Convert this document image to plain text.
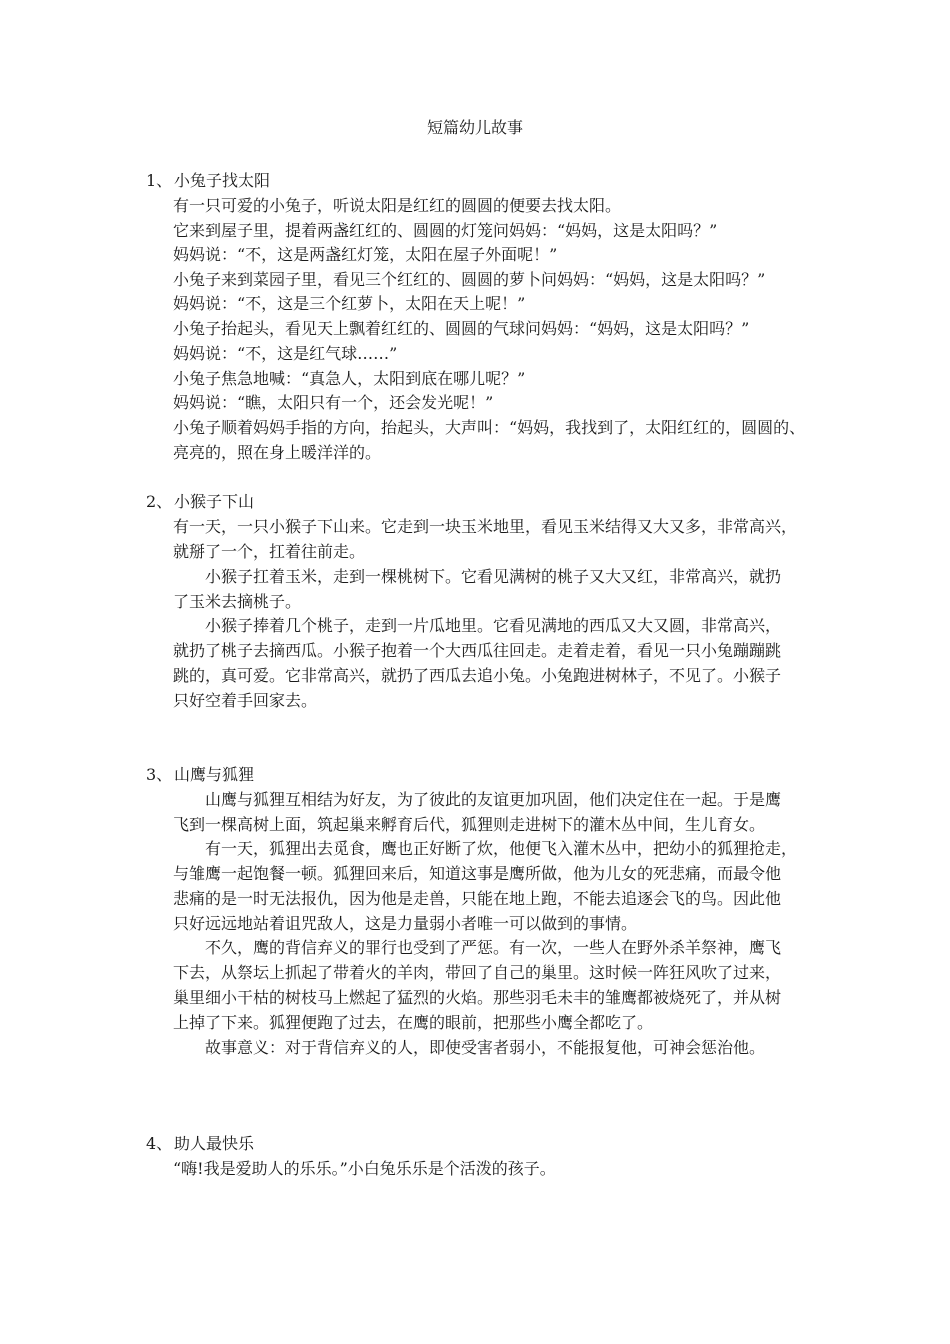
短篇幼儿故事
1、 小兔子找太阳
有一只可爱的小兔子，听说太阳是红红的圆圆的便要去找太阳。
它来到屋子里，提着两盏红红的、圆圆的灯笼问妈妈：“妈妈，这是太阳吗？”
妈妈说：“不，这是两盏红灯笼，太阳在屋子外面呢！”
小兔子来到菜园子里，看见三个红红的、圆圆的萝卜问妈妈：“妈妈，这是太阳吗？”
妈妈说：“不，这是三个红萝卜，太阳在天上呢！”
小兔子抬起头，看见天上飘着红红的、圆圆的气球问妈妈：“妈妈，这是太阳吗？”
妈妈说：“不，这是红气球……”
小兔子焦急地喊：“真急人，太阳到底在哪儿呢？”
妈妈说：“瞧，太阳只有一个，还会发光呢！”
小兔子顺着妈妈手指的方向，抬起头，大声叫：“妈妈，我找到了，太阳红红的，圆圆的、
亮亮的，照在身上暖洋洋的。
2、 小猴子下山
有一天，一只小猴子下山来。它走到一块玉米地里，看见玉米结得又大又多，非常高兴，
就掰了一个，扛着往前走。
小猴子扛着玉米，走到一棵桃树下。它看见满树的桃子又大又红，非常高兴，就扔
了玉米去摘桃子。
小猴子捧着几个桃子，走到一片瓜地里。它看见满地的西瓜又大又圆，非常高兴，
就扔了桃子去摘西瓜。小猴子抱着一个大西瓜往回走。走着走着，看见一只小兔蹦蹦跳
跳的，真可爱。它非常高兴，就扔了西瓜去追小兔。小兔跑进树林子，不见了。小猴子
只好空着手回家去。
3、 山鹰与狐狸
山鹰与狐狸互相结为好友，为了彼此的友谊更加巩固，他们决定住在一起。于是鹰
飞到一棵高树上面，筑起巢来孵育后代，狐狸则走进树下的灌木丛中间，生儿育女。
有一天，狐狸出去觅食，鹰也正好断了炊，他便飞入灌木丛中，把幼小的狐狸抢走，
与雏鹰一起饱餐一顿。狐狸回来后，知道这事是鹰所做，他为儿女的死悲痛，而最令他
悲痛的是一时无法报仇，因为他是走兽，只能在地上跑，不能去追逐会飞的鸟。因此他
只好远远地站着诅咒敌人，这是力量弱小者唯一可以做到的事情。
不久，鹰的背信弃义的罪行也受到了严惩。有一次，一些人在野外杀羊祭神，鹰飞
下去，从祭坛上抓起了带着火的羊肉，带回了自己的巢里。这时候一阵狂风吹了过来，
巢里细小干枯的树枝马上燃起了猛烈的火焰。那些羽毛未丰的雏鹰都被烧死了，并从树
上掉了下来。狐狸便跑了过去，在鹰的眼前，把那些小鹰全都吃了。
故事意义：对于背信弃义的人，即使受害者弱小，不能报复他，可神会惩治他。
4、 助人最快乐
“嗨!我是爱助人的乐乐。”小白兔乐乐是个活泼的孩子。
